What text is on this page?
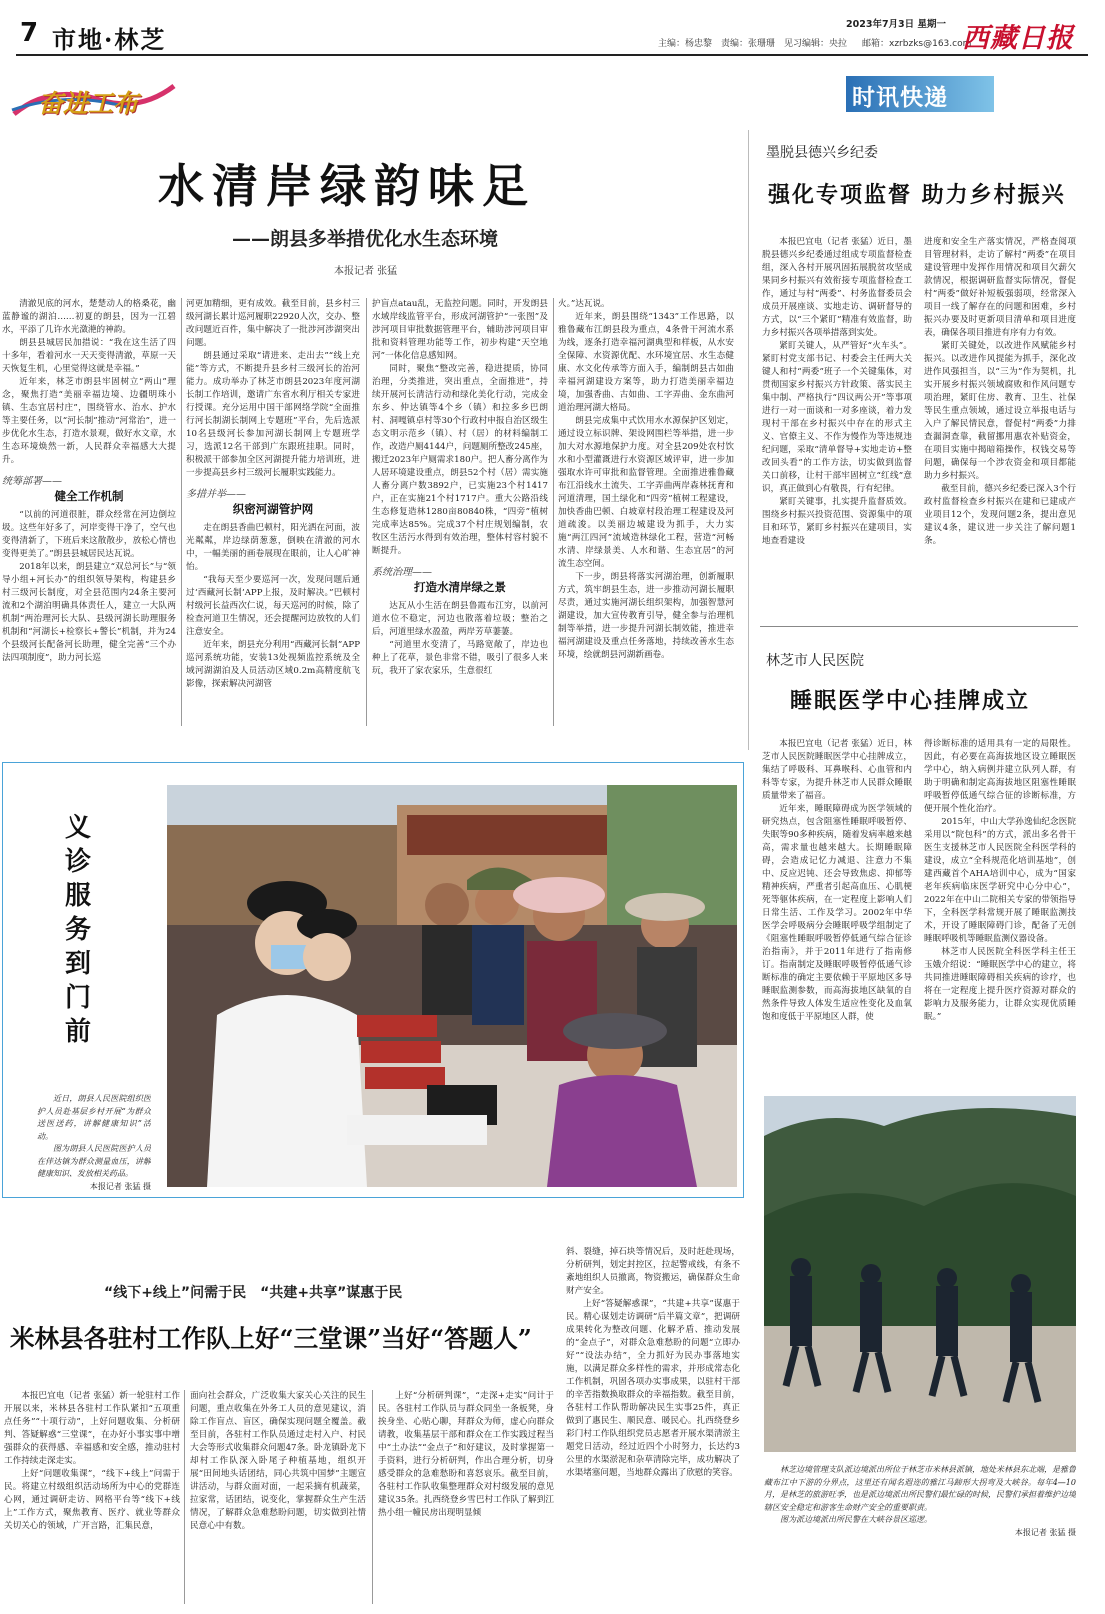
7 市地·林芝	主编：杨忠黎　责编：张珊珊　见习编辑：央拉
2023年7月3日 星期一
邮箱：xzrbzks@163.com
西藏日报
奋进工布	时讯快递
水清岸绿韵味足
——朗县多举措优化水生态环境
本报记者 张猛

清澈见底的河水，楚楚动人的格桑花，幽蓝静谧的湖泊……初夏的朗县，因为一江碧水，平添了几许水光潋滟的神韵。

朗县县城居民加措说：“我在这生活了四十多年，看着河水一天天变得清澈，草原一天天恢复生机，心里觉得这就是幸福。”

近年来，林芝市朗县牢固树立“两山”理念，聚焦打造“美丽幸福边境、边疆明珠小镇、生态宜居村庄”，围绕管水、治水、护水等主要任务，以“河长制”推动“河常治”，进一步优化水生态，打造水景观，做好水文章，水生态环境焕然一新，人民群众幸福感大大提升。

统筹部署——
健全工作机制

“以前的河道很脏，群众经常在河边倒垃圾。这些年好多了，河岸变得干净了，空气也变得清新了，下班后来这散散步，放松心情也变得更美了。”朗县县城居民达瓦说。

2018年以来，朗县建立“双总河长”与“领导小组+河长办”的组织领导架构，构建县乡村三级河长制度，对全县范围内24条主要河流和2个湖泊明确具体责任人，建立一大队两机制“两治理河长大队、县级河湖长助理服务机制和“河湖长+检察长+警长”机制，并为24个县级河长配备河长助理，健全完善“三个办法四项制度”，助力河长巡

河更加精细，更有成效。截至目前，县乡村三级河湖长累计巡河履职22920人次，交办、整改问题近百件，集中解决了一批涉河涉湖突出问题。

朗县通过采取“请进来、走出去”“线上充能”等方式，不断提升县乡村三级河长的治河能力。成功举办了林芝市朗县2023年度河湖长制工作培训，邀请广东省水利厅相关专家进行授课。充分运用中国干部网络学院“全面推行河长制湖长制网上专题班”平台，先后选派10名县级河长参加河湖长制网上专题班学习，选派12名干部到广东跟班挂职。同时，积极派干部参加全区河湖提升能力培训班，进一步提高县乡村三级河长履职实践能力。

多措并举——
织密河湖管护网

走在朗县香曲巴顿村，阳光洒在河面，波光粼粼，岸边绿荫葱葱，倒映在清澈的河水中，一幅美丽的画卷展现在眼前，让人心旷神怡。

“我每天至少要巡河一次，发现问题后通过‘西藏河长制’APP上报，及时解决。”巴顿村村级河长益西次仁说，每天巡河的时候，除了检查河道卫生情况，还会提醒河边放牧的人们注意安全。

近年来，朗县充分利用“西藏河长制”APP巡河系统功能，安装13处视频监控系统及全域河湖湖泊及人员活动区域0.2m高精度航飞影像，探索解决河湖管

护盲点atau乱，无监控问题。同时，开发朗县水域岸线监管平台，形成河湖管护“一张图”及涉河项目审批数据管理平台，辅助涉河项目审批和资料管理功能等工作，初步构建“天空地河”一体化信息感知网。

同时，聚焦“整改完善，稳进提质，协同治理，分类推进，突出重点，全面推进”，持续开展河长清洁行动和绿化美化行动，完成金东乡、仲达镇等4个乡（镇）和拉多乡巴朗村、洞嘎镇卓村等30个行政村申报自治区级生态文明示范乡（镇）、村（居）的材料编制工作，改造户厕4144户，问题厕所整改245座，搬迁2023年户厕需求180户。把人畜分离作为人居环境建设重点，朗县52个村（居）需实施人畜分离户数3892户，已实施23个村1417户，正在实施21个村1717户。重大公路沿线生态修复造林1280亩80840株，“四旁”植树完成率达85%。完成37个村庄规划编制，农牧区生活污水得到有效治理，整体村容村貌不断提升。

系统治理——
打造水清岸绿之景

达瓦从小生活在朗县鲁霞布江穷，以前河道水位不稳定，河边也散落着垃圾；整治之后，河道里绿水盈盈，两岸芳草萋萋。

“河道里水变清了，马路宽敞了，岸边也种上了花草，景色非常不错，吸引了很多人来玩，我开了家农家乐，生意很红

火。”达瓦说。

近年来，朗县围绕“1343”工作思路，以雅鲁藏布江朗县段为重点，4条骨干河流水系为线，逐条打造幸福河湖典型和样板，从水安全保障、水资源优配、水环境宜居、水生态健康、水文化传承等方面入手，编制朗县古如曲幸福河湖建设方案等，助力打造美丽幸福边境，加强香曲、古如曲、工字弄曲、金东曲河道治理河湖大格局。

朗县完成集中式饮用水水源保护区划定，通过设立标识牌、架设网围栏等举措，进一步加大对水源地保护力度。对全县209处农村饮水和小型灌溉进行水资源区域评审，进一步加强取水许可审批和监督管理。全面推进雅鲁藏布江沿线水土流失、工字弄曲两岸森林抚育和河道清理，国土绿化和“四旁”植树工程建设，加快香曲巴顿、白坡章村段治理工程建设及河道疏浚。以美丽边城建设为抓手，大力实施“两江四河”流域造林绿化工程，营造“河畅水清、岸绿景美、人水和谐、生态宜居”的河流生态空间。

下一步，朗县将落实河湖治理，创新履职方式，筑牢朗县生态，进一步推动河湖长履职尽责，通过实施河湖长组织架构，加强智慧河湖建设，加大宣传教育引导，健全参与治理机制等举措，进一步提升河湖长制效能，推进幸福河湖建设及重点任务落地，持续改善水生态环境，绘就朗县河湖新画卷。

墨脱县德兴乡纪委
强化专项监督 助力乡村振兴

本报巴宜电（记者 张猛）近日，墨脱县德兴乡纪委通过组成专项监督检查组，深入各村开展巩固拓展脱贫攻坚成果同乡村振兴有效衔接专项监督检查工作，通过与村“两委”、村务监督委员会成员开展座谈、实地走访、调研督导的方式，以“三个紧盯”精准有效监督，助力乡村振兴各项举措落到实处。

紧盯关键人，从严管好“火车头”。紧盯村党支部书记、村委会主任两大关键人和村“两委”班子一个关键集体，对贯彻国家乡村振兴方针政策、落实民主集中制、严格执行“四议两公开”等事项进行一对一面谈和一对多座谈，着力发现村干部在乡村振兴中存在的形式主义、官僚主义、不作为慢作为等违规违纪问题，采取“清单督导+实地走访+整改回头看”的工作方法，切实做到监督关口前移，让村干部牢固树立“红线”意识，真正做到心有敬畏，行有纪律。

紧盯关键事，扎实提升监督质效。围绕乡村振兴投资范围、资源集中的项目和环节，紧盯乡村振兴在建项目，实地查看建设

进度和安全生产落实情况，严格查阅项目管理材料，走访了解村“两委”在项目建设管理中发挥作用情况和项目欠薪欠款情况，根据调研监督实际情况，督促村“两委”做好补短板强弱项，经常深入项目一线了解存在的问题和困难，乡村振兴办要及时更新项目清单和项目进度表，确保各项目推进有序有力有效。

紧盯关键处，以改进作风赋能乡村振兴。以改进作风提能为抓手，深化改进作风强担当，以“三为”作为契机，扎实开展乡村振兴领域腐败和作风问题专项治理，紧盯住房、教育、卫生、社保等民生重点领域，通过设立举报电话与入户了解民情民意，督促村“两委”力排查漏洞查靠，截留挪用惠农补贴资金，在项目实施中揭暗箱操作，权钱交易等问题，确保每一个涉农资金和项目都能助力乡村振兴。

截至目前，德兴乡纪委已深入3个行政村监督检查乡村振兴在建和已建成产业项目12个，发现问题2条，提出意见建议4条，建议进一步关注了解问题1条。

林芝市人民医院
睡眠医学中心挂牌成立

本报巴宜电（记者 张猛）近日，林芝市人民医院睡眠医学中心挂牌成立，集结了呼吸科、耳鼻喉科、心血管和内科等专家，为提升林芝市人民群众睡眠质量带来了福音。

近年来，睡眠障碍成为医学领域的研究热点，包含阻塞性睡眠呼吸暂停、失眠等90多种疾病，随着发病率越来越高，需求量也越来越大。长期睡眠障碍，会造成记忆力减退、注意力不集中、反应迟钝、还会导致焦虑、抑郁等精神疾病，严重者引起高血压、心肌梗死等躯体疾病，在一定程度上影响人们日常生活、工作及学习。2002年中华医学会呼吸病分会睡眠呼吸学组制定了《阻塞性睡眠呼吸暂停低通气综合征诊治指南》，并于2011年进行了指南修订。指南制定及睡眠呼吸暂停低通气诊断标准的确定主要依赖于平原地区多导睡眠监测参数，而高海拔地区缺氧的自然条件导致人体发生适应性变化及血氧饱和度低于平原地区人群，使

得诊断标准的适用具有一定的局限性。因此，有必要在高海拔地区设立睡眠医学中心，纳入病例并建立队列人群，有助于明确和制定高海拔地区阻塞性睡眠呼吸暂停低通气综合征的诊断标准，方便开展个性化治疗。

2015年，中山大学孙逸仙纪念医院采用以“院包科”的方式，派出多名骨干医生支援林芝市人民医院全科医学科的建设，成立“全科规范化培训基地”，创建西藏首个AHA培训中心，成为“国家老年疾病临床医学研究中心分中心”，2022年在中山二院相关专家的带领指导下，全科医学科常规开展了睡眠监测技术，开设了睡眠障碍门诊，配备了无创睡眠呼吸机等睡眠监测仪器设备。

林芝市人民医院全科医学科主任王玉娥介绍说：“睡眠医学中心的建立，将共同推进睡眠障碍相关疾病的诊疗，也将在一定程度上提升医疗资源对群众的影响力及服务能力，让群众实现优质睡眠。”

义诊服务到门前

近日，朗县人民医院组织医护人员赴基层乡村开展“为群众送医送药，讲解健康知识”活动。

图为朗县人民医院医护人员在伴达镇为群众测量血压，讲解健康知识、发放相关药品。

本报记者 张猛 摄

林芝边境管理支队派边境派出所位于林芝市米林县派镇，地处米林县东北端，是雅鲁藏布江中下游的分界点，这里还有闻名遐迩的雅江马蹄形大拐弯及大峡谷。每年4—10月，是林芝的旅游旺季，也是派边境派出所民警们最忙碌的时候，民警们承担着维护边境辖区安全稳定和游客生命财产安全的重要职责。

图为派边境派出所民警在大峡谷景区巡逻。

本报记者 张猛 摄
“线下+线上”问需于民　“共建+共享”谋惠于民
米林县各驻村工作队上好“三堂课”当好“答题人”

斜、裂缝，掉石块等情况后，及时赶赴现场，分析研判，划定封控区，拉起警戒线，有条不紊地组织人员撤离，物资搬运，确保群众生命财产安全。

上好“答疑解惑课”，“共建+共享”谋惠于民。精心谋划走访调研“后半篇文章”，把调研成果转化为整改问题、化解矛盾、推动发展的“金点子”，对群众急难愁盼的问题“立即办好”“设法办结”，全力抓好为民办事落地实施，以满足群众多样性的需求，并形成常态化工作机制，巩固各项办实事成果，以驻村干部的辛苦指数换取群众的幸福指数。截至目前，各驻村工作队帮助解决民生实事25件，真正做到了惠民生、顺民意、暖民心。扎西绕登乡彩门村工作队组织党员志愿者开展水渠清淤主题党日活动，经过近四个小时努力，长达约3公里的水渠淤泥和杂草清除完毕，成功解决了水渠堵塞问题，当地群众露出了欣慰的笑容。

本报巴宜电（记者 张猛）新一轮驻村工作开展以来，米林县各驻村工作队紧扣“五项重点任务”“十项行动”，上好问题收集、分析研判、答疑解惑“三堂课”，在办好小事实事中增强群众的获得感、幸福感和安全感，推动驻村工作持续走深走实。

上好“问题收集课”，“线下+线上”问需于民。将建立村级组织活动场所为中心的党群连心网，通过调研走访、网格平台等“线下+线上”工作方式，聚焦教育、医疗、就业等群众关切关心的领域，广开言路，汇集民意，

面向社会群众，广泛收集大家关心关注的民生问题，重点收集在外务工人员的意见建议，消除工作盲点、盲区，确保实现问题全覆盖。截至目前，各驻村工作队员通过走村入户、村民大会等形式收集群众问题47条。卧龙镇卧龙下却村工作队深入卧尾子种植基地，组织开展“田间地头话团结，同心共筑中国梦”主题宣讲活动，与群众面对面，一起采摘有机蔬菜，拉家常，话团结，说变化，掌握群众生产生活情况，了解群众急难愁盼问题，切实做到社情民意心中有数。

上好“分析研判课”，“走深+走实”问计于民。各驻村工作队员与群众同坐一条板凳，身挨身坐、心贴心聊，拜群众为师，虚心向群众请教，收集基层干部和群众在工作实践过程当中“土办法”“金点子”和好建议，及时掌握第一手资料，进行分析研判，作出合理分析，切身感受群众的急难愁盼和喜怒哀乐。截至目前，各驻村工作队收集整理群众对村级发展的意见建议35条。扎西绕登乡雪巴村工作队了解到江热小组一幢民房出现明显倾
